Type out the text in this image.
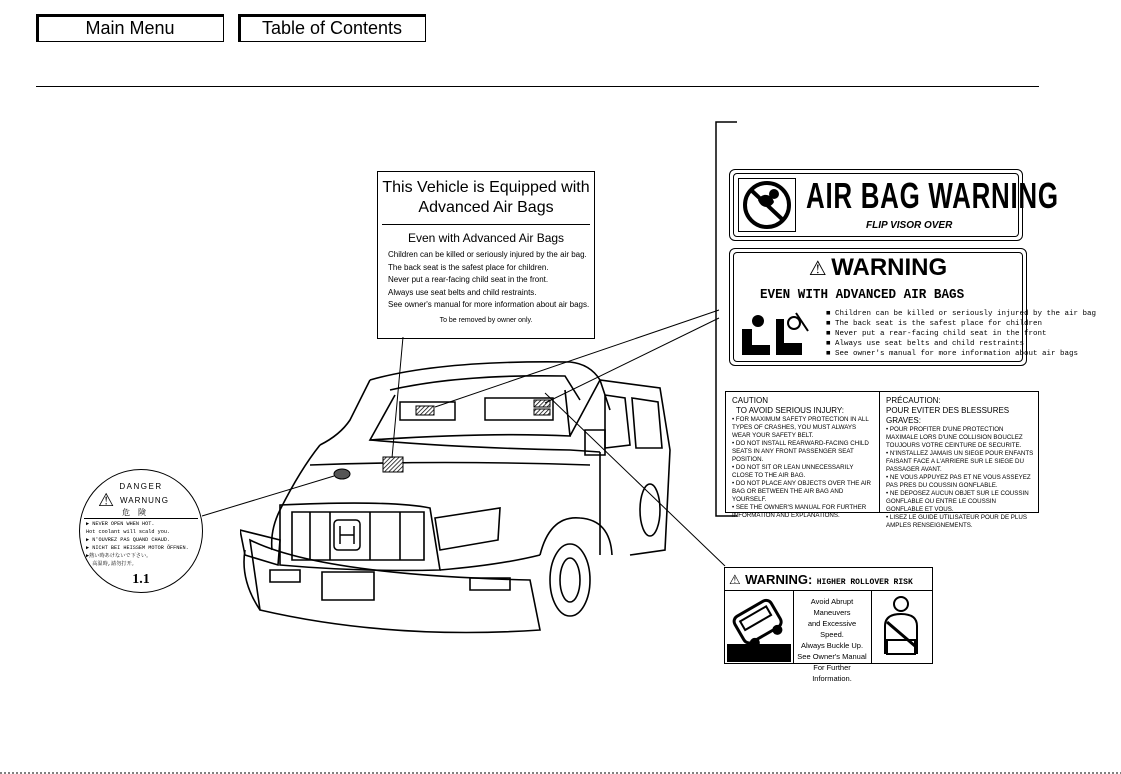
Main Menu	Table of Contents
This Vehicle is Equipped with
Advanced Air Bags
Even with Advanced Air Bags
Children can be killed or seriously injured by the air bag.
The back seat is the safest place for children.
Never put a rear-facing child seat in the front.
Always use seat belts and child restraints.
See owner's manual for more information about air bags.
To be removed by owner only.
AIR BAG WARNING
FLIP VISOR OVER
⚠ WARNING
EVEN WITH ADVANCED AIR BAGS
■ Children can be killed or seriously injured by the air bag
■ The back seat is the safest place for children
■ Never put a rear-facing child seat in the front
■ Always use seat belts and child restraints
■ See owner's manual for more information about air bags
CAUTION
TO AVOID SERIOUS INJURY:
• FOR MAXIMUM SAFETY PROTECTION IN ALL TYPES OF CRASHES, YOU MUST ALWAYS WEAR YOUR SAFETY BELT.
• DO NOT INSTALL REARWARD-FACING CHILD SEATS IN ANY FRONT PASSENGER SEAT POSITION.
• DO NOT SIT OR LEAN UNNECESSARILY CLOSE TO THE AIR BAG.
• DO NOT PLACE ANY OBJECTS OVER THE AIR BAG OR BETWEEN THE AIR BAG AND YOURSELF.
• SEE THE OWNER'S MANUAL FOR FURTHER INFORMATION AND EXPLANATIONS.
PRÉCAUTION:
POUR EVITER DES BLESSURES GRAVES:
• POUR PROFITER D'UNE PROTECTION MAXIMALE LORS D'UNE COLLISION BOUCLEZ TOUJOURS VOTRE CEINTURE DE SECURITE.
• N'INSTALLEZ JAMAIS UN SIEGE POUR ENFANTS FAISANT FACE A L'ARRIERE SUR LE SIEGE DU PASSAGER AVANT.
• NE VOUS APPUYEZ PAS ET NE VOUS ASSEYEZ PAS PRES DU COUSSIN GONFLABLE.
• NE DEPOSEZ AUCUN OBJET SUR LE COUSSIN GONFLABLE OU ENTRE LE COUSSIN GONFLABLE ET VOUS.
• LISEZ LE GUIDE UTILISATEUR POUR DE PLUS AMPLES RENSEIGNEMENTS.
⚠ WARNING: HIGHER ROLLOVER RISK
Avoid Abrupt Maneuvers
and Excessive Speed.
Always Buckle Up.
See Owner's Manual
For Further Information.
DANGER
⚠ WARNUNG
危　険
▶ NEVER OPEN WHEN HOT.
Hot coolant will scald you.
▶ N'OUVREZ PAS QUAND CHAUD.
▶ NICHT BEI HEISSEM MOTOR ÖFFNEN.
▶熱い時あけないで下さい。
▶ 高温時,請勿打开。
1.1
